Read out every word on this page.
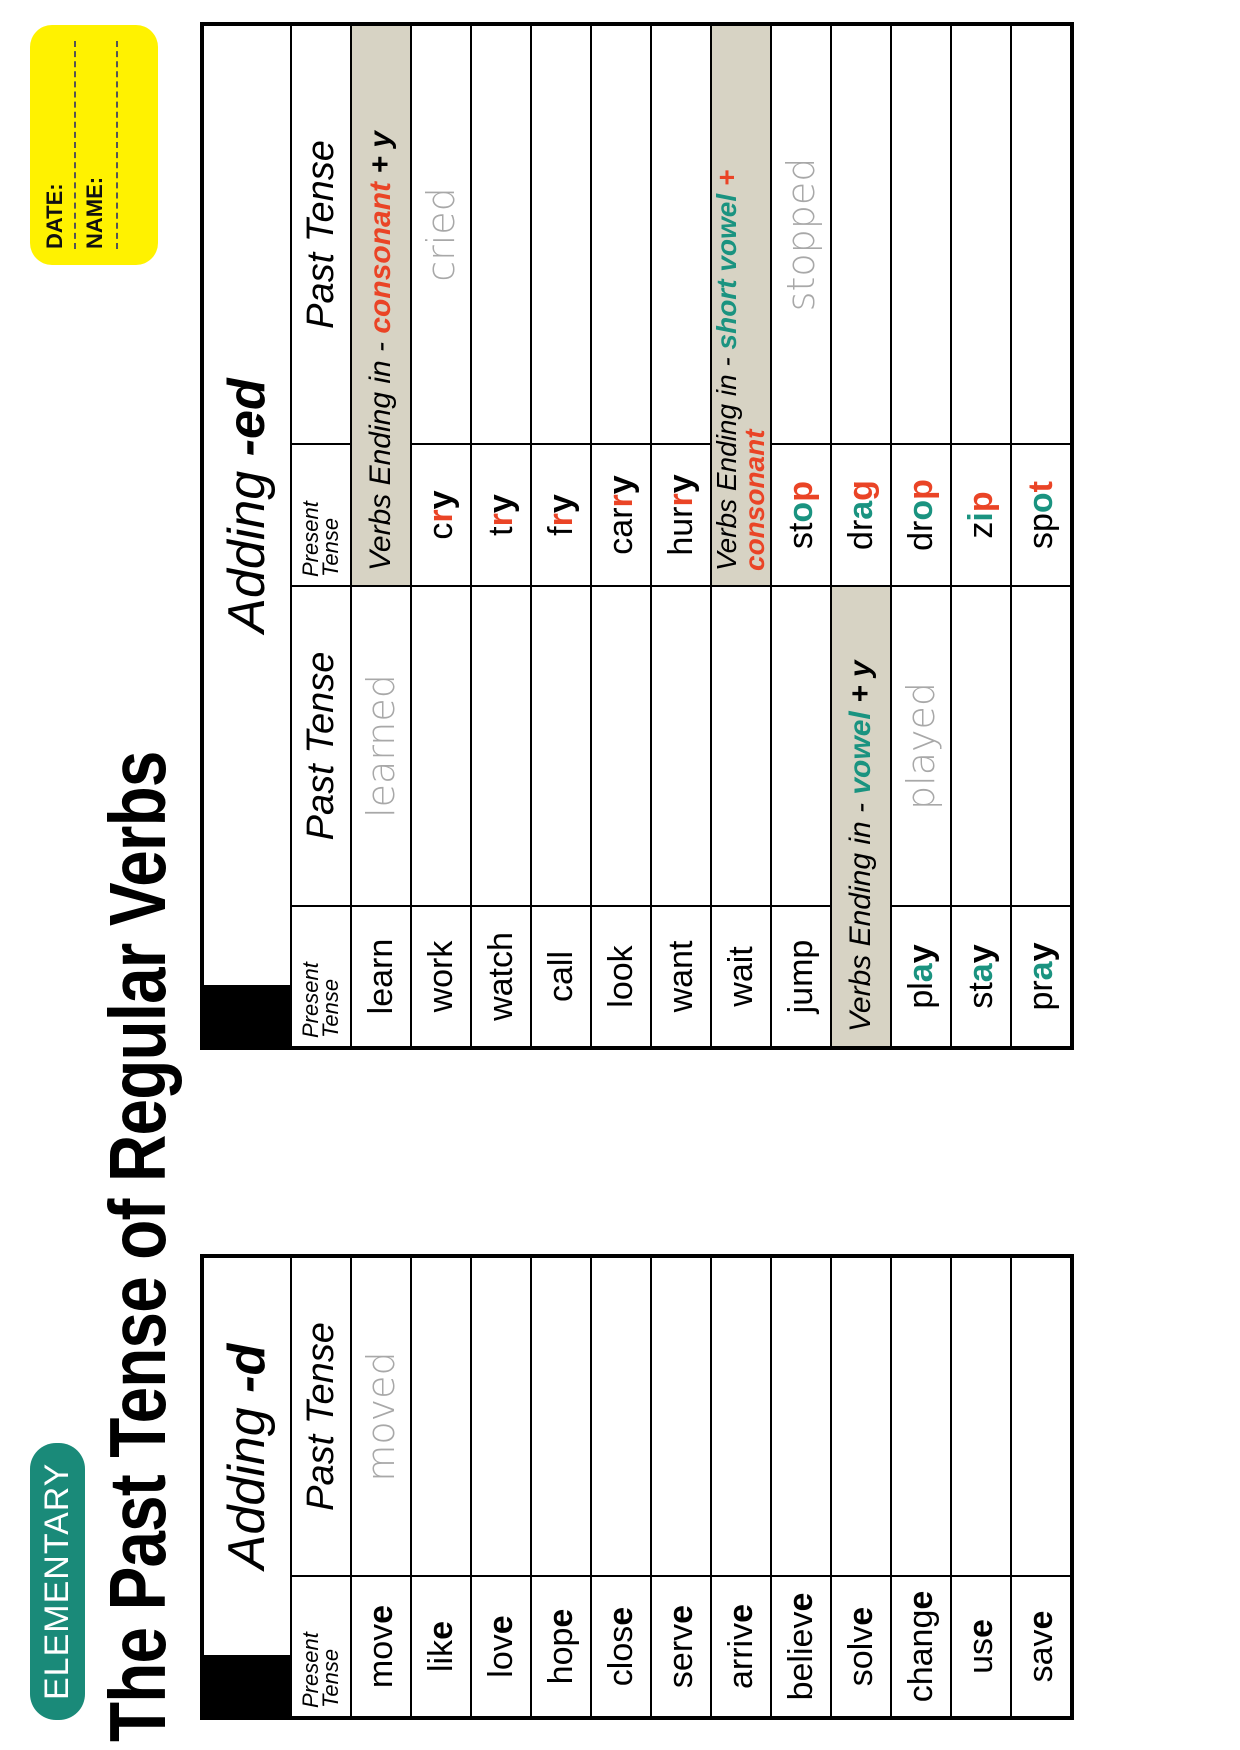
ELEMENTARY The Past Tense of Regular Verbs
DATE: NAME:
	Adding -d	
Present Tense		Past Tense
move		moved
like		
love		
hope		
close		
serve		
arrive		
believe		
solve		
change		
use		
save		
	Adding -ed			
Present Tense		Past Tense	Present Tense	Past Tense
learn		learned	Verbs Ending in - consonant + y	
work			cry	cried
watch			try	
call			fry	
look			carry	
want			hurry	
wait			Verbs Ending in - short vowel + consonant	
jump			stop	stopped
Verbs Ending in - vowel + y			drag	
play		played	drop	
stay			zip	
pray			spot	
